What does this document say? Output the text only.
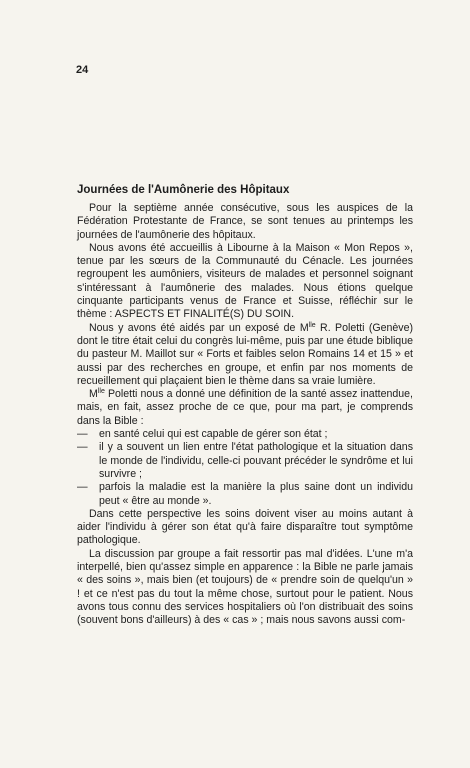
24
Journées de l'Aumônerie des Hôpitaux

Pour la septième année consécutive, sous les auspices de la Fédération Protestante de France, se sont tenues au printemps les journées de l'aumônerie des hôpitaux.

Nous avons été accueillis à Libourne à la Maison « Mon Repos », tenue par les sœurs de la Communauté du Cénacle. Les journées regroupent les aumôniers, visiteurs de malades et personnel soignant s'intéressant à l'aumônerie des malades. Nous étions quelque cinquante participants venus de France et Suisse, réfléchir sur le thème : ASPECTS ET FINALITÉ(S) DU SOIN.

Nous y avons été aidés par un exposé de $M^{lle}$ R. Poletti (Genève) dont le titre était celui du congrès lui-même, puis par une étude biblique du pasteur M. Maillot sur « Forts et faibles selon Romains 14 et 15 » et aussi par des recherches en groupe, et enfin par nos moments de recueillement qui plaçaient bien le thème dans sa vraie lumière.

$M^{lle}$ Poletti nous a donné une définition de la santé assez inattendue, mais, en fait, assez proche de ce que, pour ma part, je comprends dans la Bible :

— en santé celui qui est capable de gérer son état ;
— il y a souvent un lien entre l'état pathologique et la situation dans le monde de l'individu, celle-ci pouvant précéder le syndrôme et lui survivre ;
— parfois la maladie est la manière la plus saine dont un individu peut « être au monde ».

Dans cette perspective les soins doivent viser au moins autant à aider l'individu à gérer son état qu'à faire disparaître tout symptôme pathologique.

La discussion par groupe a fait ressortir pas mal d'idées. L'une m'a interpellé, bien qu'assez simple en apparence : la Bible ne parle jamais « des soins », mais bien (et toujours) de « prendre soin de quelqu'un » ! et ce n'est pas du tout la même chose, surtout pour le patient. Nous avons tous connu des services hospitaliers où l'on distribuait des soins (souvent bons d'ailleurs) à des « cas » ; mais nous savons aussi com-
